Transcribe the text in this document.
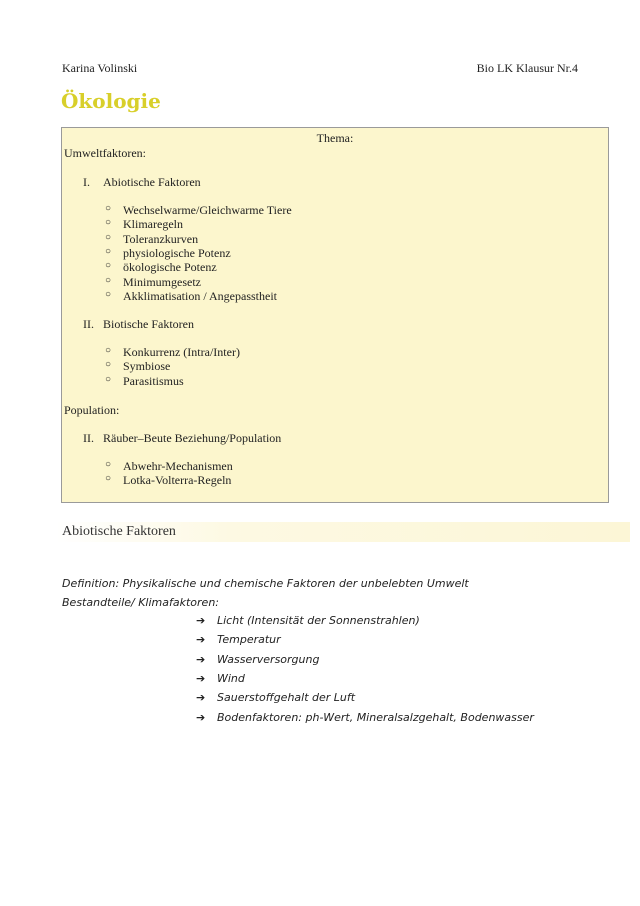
Karina Volinski	Bio LK Klausur Nr.4
Ökologie
Thema:
Umweltfaktoren:
I. Abiotische Faktoren
○ Wechselwarme/Gleichwarme Tiere
○ Klimaregeln
○ Toleranzkurven
○ physiologische Potenz
○ ökologische Potenz
○ Minimumgesetz
○ Akklimatisation / Angepasstheit
II. Biotische Faktoren
○ Konkurrenz (Intra/Inter)
○ Symbiose
○ Parasitismus
Population:
II. Räuber–Beute Beziehung/Population
○ Abwehr-Mechanismen
○ Lotka-Volterra-Regeln
Abiotische Faktoren
Definition: Physikalische und chemische Faktoren der unbelebten Umwelt
Bestandteile/ Klimafaktoren:
➔ Licht (Intensität der Sonnenstrahlen)
➔ Temperatur
➔ Wasserversorgung
➔ Wind
➔ Sauerstoffgehalt der Luft
➔ Bodenfaktoren: ph-Wert, Mineralsalzgehalt, Bodenwasser
